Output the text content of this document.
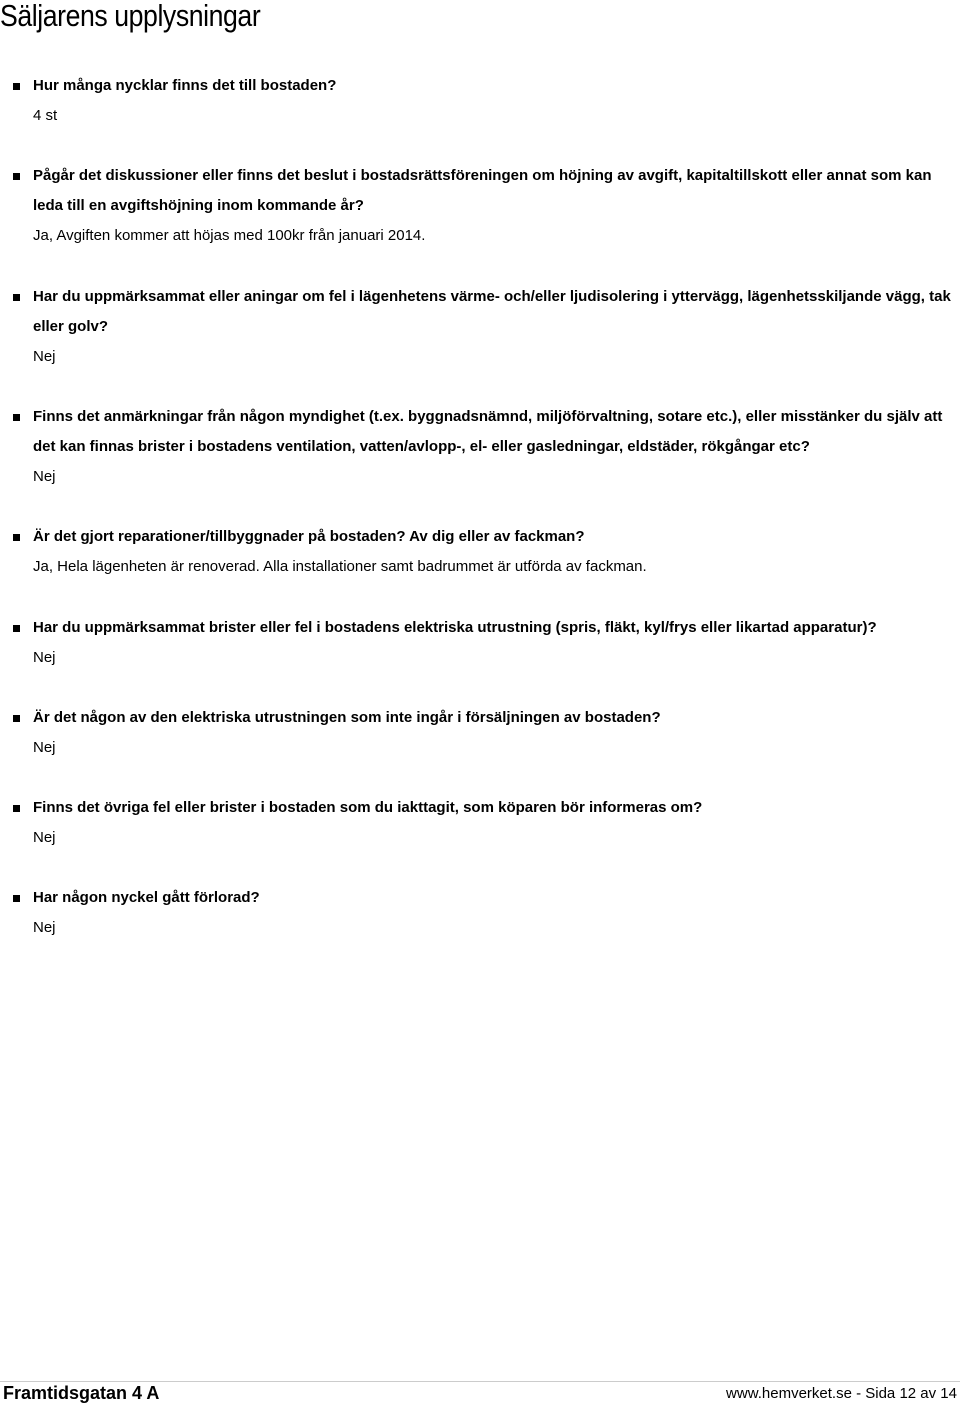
Säljarens upplysningar

Hur många nycklar finns det till bostaden?

4 st

Pågår det diskussioner eller finns det beslut i bostadsrättsföreningen om höjning av avgift, kapitaltillskott eller annat som kan leda till en avgiftshöjning inom kommande år?

Ja, Avgiften kommer att höjas med 100kr från januari 2014.

Har du uppmärksammat eller aningar om fel i lägenhetens värme- och/eller ljudisolering i yttervägg, lägenhetsskiljande vägg, tak eller golv?

Nej

Finns det anmärkningar från någon myndighet (t.ex. byggnadsnämnd, miljöförvaltning, sotare etc.), eller misstänker du själv att det kan finnas brister i bostadens ventilation, vatten/avlopp-, el- eller gasledningar, eldstäder, rökgångar etc?

Nej

Är det gjort reparationer/tillbyggnader på bostaden? Av dig eller av fackman?

Ja, Hela lägenheten är renoverad. Alla installationer samt badrummet är utförda av fackman.

Har du uppmärksammat brister eller fel i bostadens elektriska utrustning (spris, fläkt, kyl/frys eller likartad apparatur)?

Nej

Är det någon av den elektriska utrustningen som inte ingår i försäljningen av bostaden?

Nej

Finns det övriga fel eller brister i bostaden som du iakttagit, som köparen bör informeras om?

Nej

Har någon nyckel gått förlorad?

Nej

Framtidsgatan 4 A	www.hemverket.se - Sida 12 av 14
